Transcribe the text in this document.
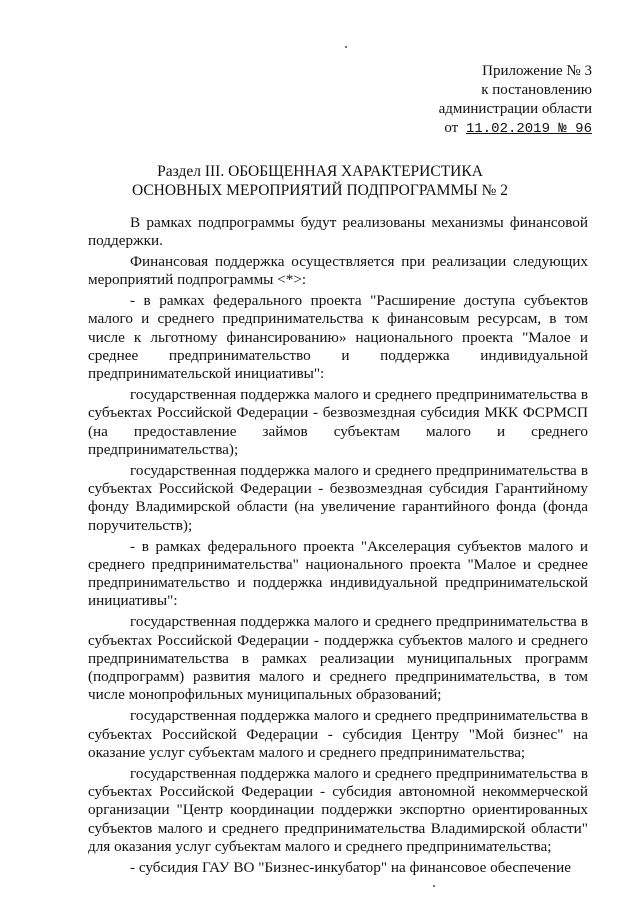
Приложение № 3
к постановлению
администрации области
от 11.02.2019 № 96
Раздел III. ОБОБЩЕННАЯ ХАРАКТЕРИСТИКА
ОСНОВНЫХ МЕРОПРИЯТИЙ ПОДПРОГРАММЫ № 2

В рамках подпрограммы будут реализованы механизмы финансовой поддержки.

Финансовая поддержка осуществляется при реализации следующих мероприятий подпрограммы <*>:

- в рамках федерального проекта "Расширение доступа субъектов малого и среднего предпринимательства к финансовым ресурсам, в том числе к льготному финансированию» национального проекта "Малое и среднее предпринимательство и поддержка индивидуальной предпринимательской инициативы":

государственная поддержка малого и среднего предпринимательства в субъектах Российской Федерации - безвозмездная субсидия МКК ФСРМСП (на предоставление займов субъектам малого и среднего предпринимательства);

государственная поддержка малого и среднего предпринимательства в субъектах Российской Федерации - безвозмездная субсидия Гарантийному фонду Владимирской области (на увеличение гарантийного фонда (фонда поручительств);

- в рамках федерального проекта "Акселерация субъектов малого и среднего предпринимательства" национального проекта "Малое и среднее предпринимательство и поддержка индивидуальной предпринимательской инициативы":

государственная поддержка малого и среднего предпринимательства в субъектах Российской Федерации - поддержка субъектов малого и среднего предпринимательства в рамках реализации муниципальных программ (подпрограмм) развития малого и среднего предпринимательства, в том числе монопрофильных муниципальных образований;

государственная поддержка малого и среднего предпринимательства в субъектах Российской Федерации - субсидия Центру "Мой бизнес" на оказание услуг субъектам малого и среднего предпринимательства;

государственная поддержка малого и среднего предпринимательства в субъектах Российской Федерации - субсидия автономной некоммерческой организации "Центр координации поддержки экспортно ориентированных субъектов малого и среднего предпринимательства Владимирской области" для оказания услуг субъектам малого и среднего предпринимательства;

- субсидия ГАУ ВО "Бизнес-инкубатор" на финансовое обеспечение
